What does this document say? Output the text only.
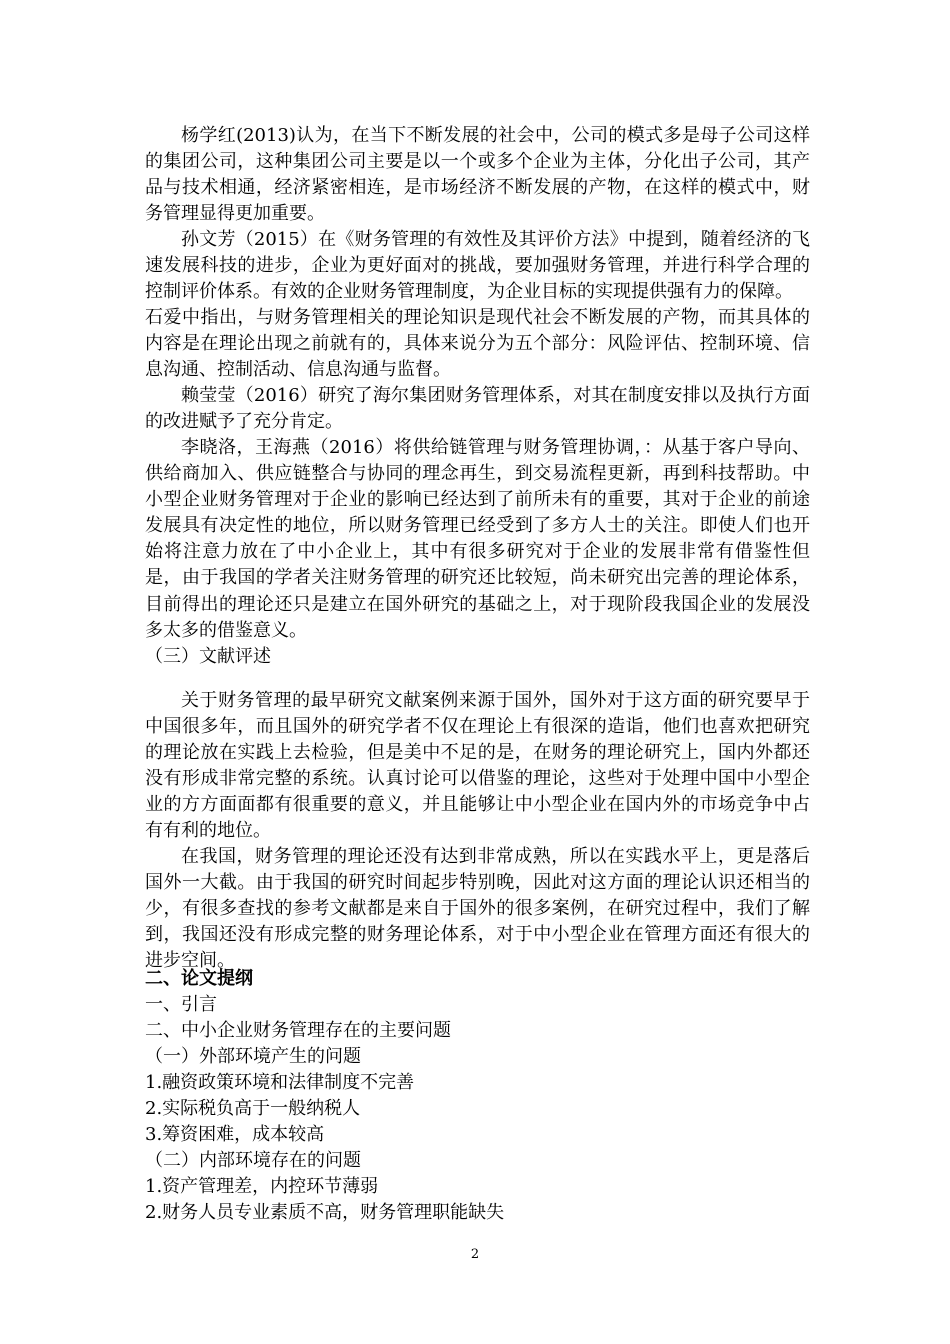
杨学红(2013)认为，在当下不断发展的社会中，公司的模式多是母子公司这样的集团公司，这种集团公司主要是以一个或多个企业为主体，分化出子公司，其产品与技术相通，经济紧密相连，是市场经济不断发展的产物，在这样的模式中，财务管理显得更加重要。

孙文芳（2015）在《财务管理的有效性及其评价方法》中提到，随着经济的飞速发展科技的进步，企业为更好面对的挑战，要加强财务管理，并进行科学合理的控制评价体系。有效的企业财务管理制度，为企业目标的实现提供强有力的保障。

石爱中指出，与财务管理相关的理论知识是现代社会不断发展的产物，而其具体的内容是在理论出现之前就有的，具体来说分为五个部分：风险评估、控制环境、信息沟通、控制活动、信息沟通与监督。

赖莹莹（2016）研究了海尔集团财务管理体系，对其在制度安排以及执行方面的改进赋予了充分肯定。

李晓洛，王海燕（2016）将供给链管理与财务管理协调，：从基于客户导向、供给商加入、供应链整合与协同的理念再生，到交易流程更新，再到科技帮助。中小型企业财务管理对于企业的影响已经达到了前所未有的重要，其对于企业的前途发展具有决定性的地位，所以财务管理已经受到了多方人士的关注。即使人们也开始将注意力放在了中小企业上，其中有很多研究对于企业的发展非常有借鉴性但是，由于我国的学者关注财务管理的研究还比较短，尚未研究出完善的理论体系，目前得出的理论还只是建立在国外研究的基础之上，对于现阶段我国企业的发展没多太多的借鉴意义。

（三）文献评述

关于财务管理的最早研究文献案例来源于国外，国外对于这方面的研究要早于中国很多年，而且国外的研究学者不仅在理论上有很深的造诣，他们也喜欢把研究的理论放在实践上去检验，但是美中不足的是，在财务的理论研究上，国内外都还没有形成非常完整的系统。认真讨论可以借鉴的理论，这些对于处理中国中小型企业的方方面面都有很重要的意义，并且能够让中小型企业在国内外的市场竞争中占有有利的地位。

在我国，财务管理的理论还没有达到非常成熟，所以在实践水平上，更是落后国外一大截。由于我国的研究时间起步特别晚，因此对这方面的理论认识还相当的少，有很多查找的参考文献都是来自于国外的很多案例，在研究过程中，我们了解到，我国还没有形成完整的财务理论体系，对于中小型企业在管理方面还有很大的进步空间。

二、论文提纲

一、引言

二、中小企业财务管理存在的主要问题

（一）外部环境产生的问题

1.融资政策环境和法律制度不完善

2.实际税负高于一般纳税人

3.筹资困难，成本较高

（二）内部环境存在的问题

1.资产管理差，内控环节薄弱

2.财务人员专业素质不高，财务管理职能缺失

2
